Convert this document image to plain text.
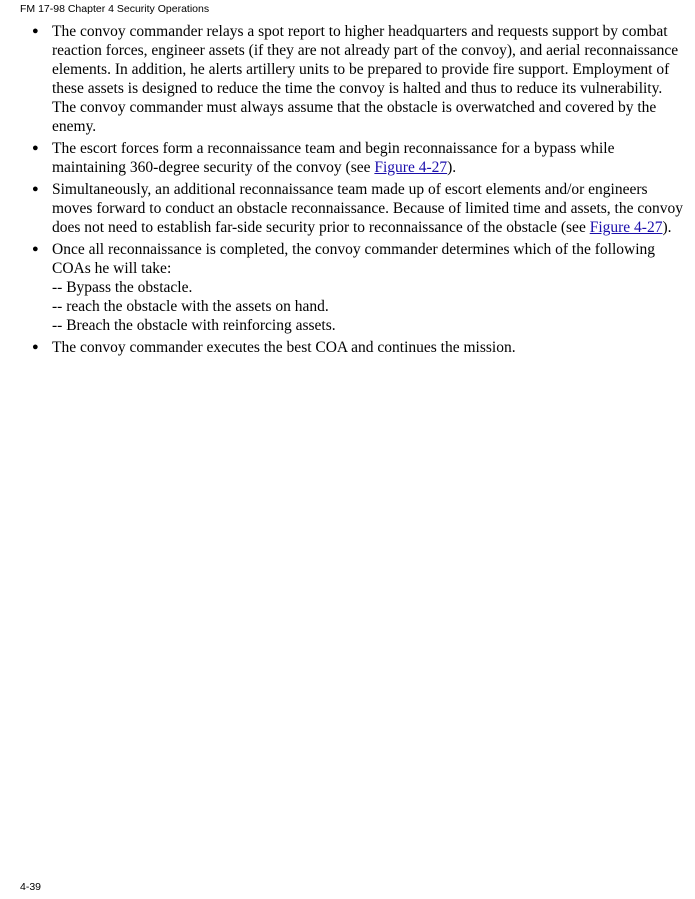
FM 17-98 Chapter 4 Security Operations
● The convoy commander relays a spot report to higher headquarters and requests support by combat reaction forces, engineer assets (if they are not already part of the convoy), and aerial reconnaissance elements. In addition, he alerts artillery units to be prepared to provide fire support. Employment of these assets is designed to reduce the time the convoy is halted and thus to reduce its vulnerability. The convoy commander must always assume that the obstacle is overwatched and covered by the enemy.
● The escort forces form a reconnaissance team and begin reconnaissance for a bypass while maintaining 360-degree security of the convoy (see Figure 4-27).
● Simultaneously, an additional reconnaissance team made up of escort elements and/or engineers moves forward to conduct an obstacle reconnaissance. Because of limited time and assets, the convoy does not need to establish far-side security prior to reconnaissance of the obstacle (see Figure 4-27).
● Once all reconnaissance is completed, the convoy commander determines which of the following COAs he will take:
-- Bypass the obstacle.
-- reach the obstacle with the assets on hand.
-- Breach the obstacle with reinforcing assets.
● The convoy commander executes the best COA and continues the mission.
4-39
